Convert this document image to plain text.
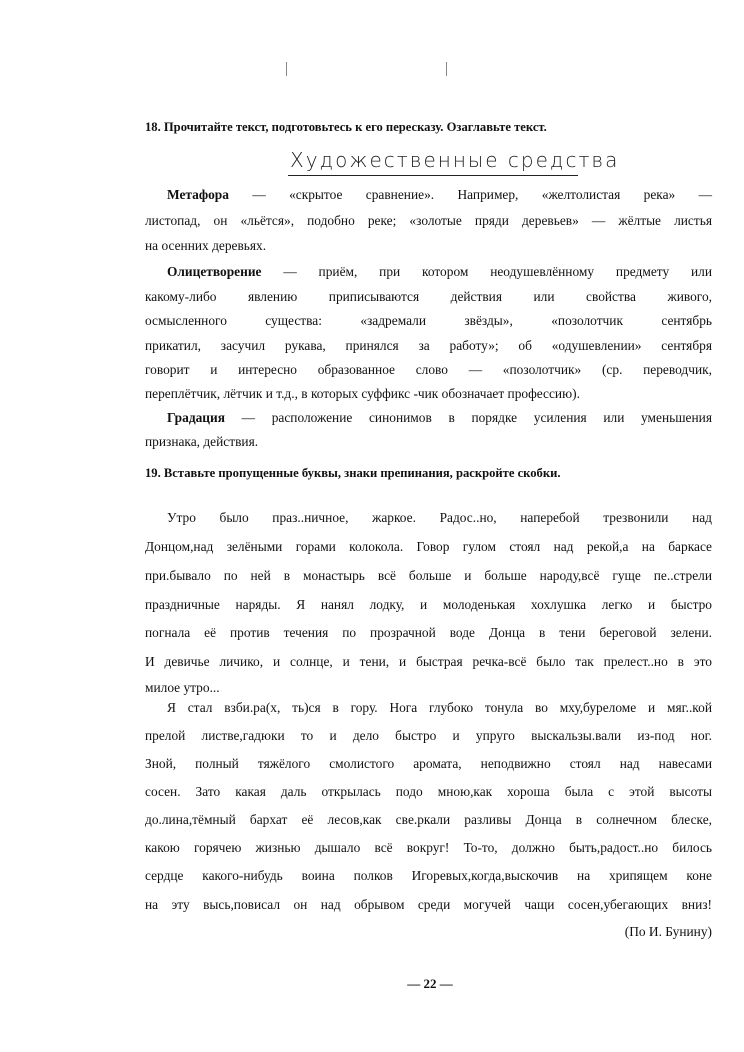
18. Прочитайте текст, подготовьтесь к его пересказу. Озаглавьте текст.
Художественные средства
Метафора — «скрытое сравнение». Например, «желтолистая река» —
листопад, он «льётся», подобно реке; «золотые пряди деревьев» — жёлтые листья
на осенних деревьях.
Олицетворение — приём, при котором неодушевлённому предмету или
какому-либо явлению приписываются действия или свойства живого,
осмысленного существа: «задремали звёзды», «позолотчик сентябрь
прикатил, засучил рукава, принялся за работу»; об «одушевлении» сентября
говорит и интересно образованное слово — «позолотчик» (ср. переводчик,
переплётчик, лётчик и т.д., в которых суффикс -чик обозначает профессию).
Градация — расположение синонимов в порядке усиления или уменьшения
признака, действия.
19. Вставьте пропущенные буквы, знаки препинания, раскройте скобки.
Утро было праз..ничное, жаркое. Радос..но, наперебой трезвонили над
Донцом,над зелёными горами колокола. Говор гулом стоял над рекой,а на баркасе
при.бывало по ней в монастырь всё больше и больше народу,всё гуще пе..стрели
праздничные наряды. Я нанял лодку, и молоденькая хохлушка легко и быстро
погнала её против течения по прозрачной воде Донца в тени береговой зелени.
И девичье личико, и солнце, и тени, и быстрая речка-всё было так прелест..но в это
милое утро...
Я стал взби.ра(х, ть)ся в гору. Нога глубоко тонула во мху,буреломе и мяг..кой
прелой листве,гадюки то и дело быстро и упруго выскальзы.вали из-под ног.
Зной, полный тяжёлого смолистого аромата, неподвижно стоял над навесами
сосен. Зато какая даль открылась подо мною,как хороша была с этой высоты
до.лина,тёмный бархат её лесов,как свe.ркали разливы Донца в солнечном блеске,
какою горячею жизнью дышало всё вокруг! То-то, должно быть,радост..но билось
сердце какого-нибудь воина полков Игоревых,когда,выскочив на хрипящем коне
на эту высь,повисал он над обрывом среди могучей чащи сосен,убегающих вниз!
(По И. Бунину)
— 22 —
